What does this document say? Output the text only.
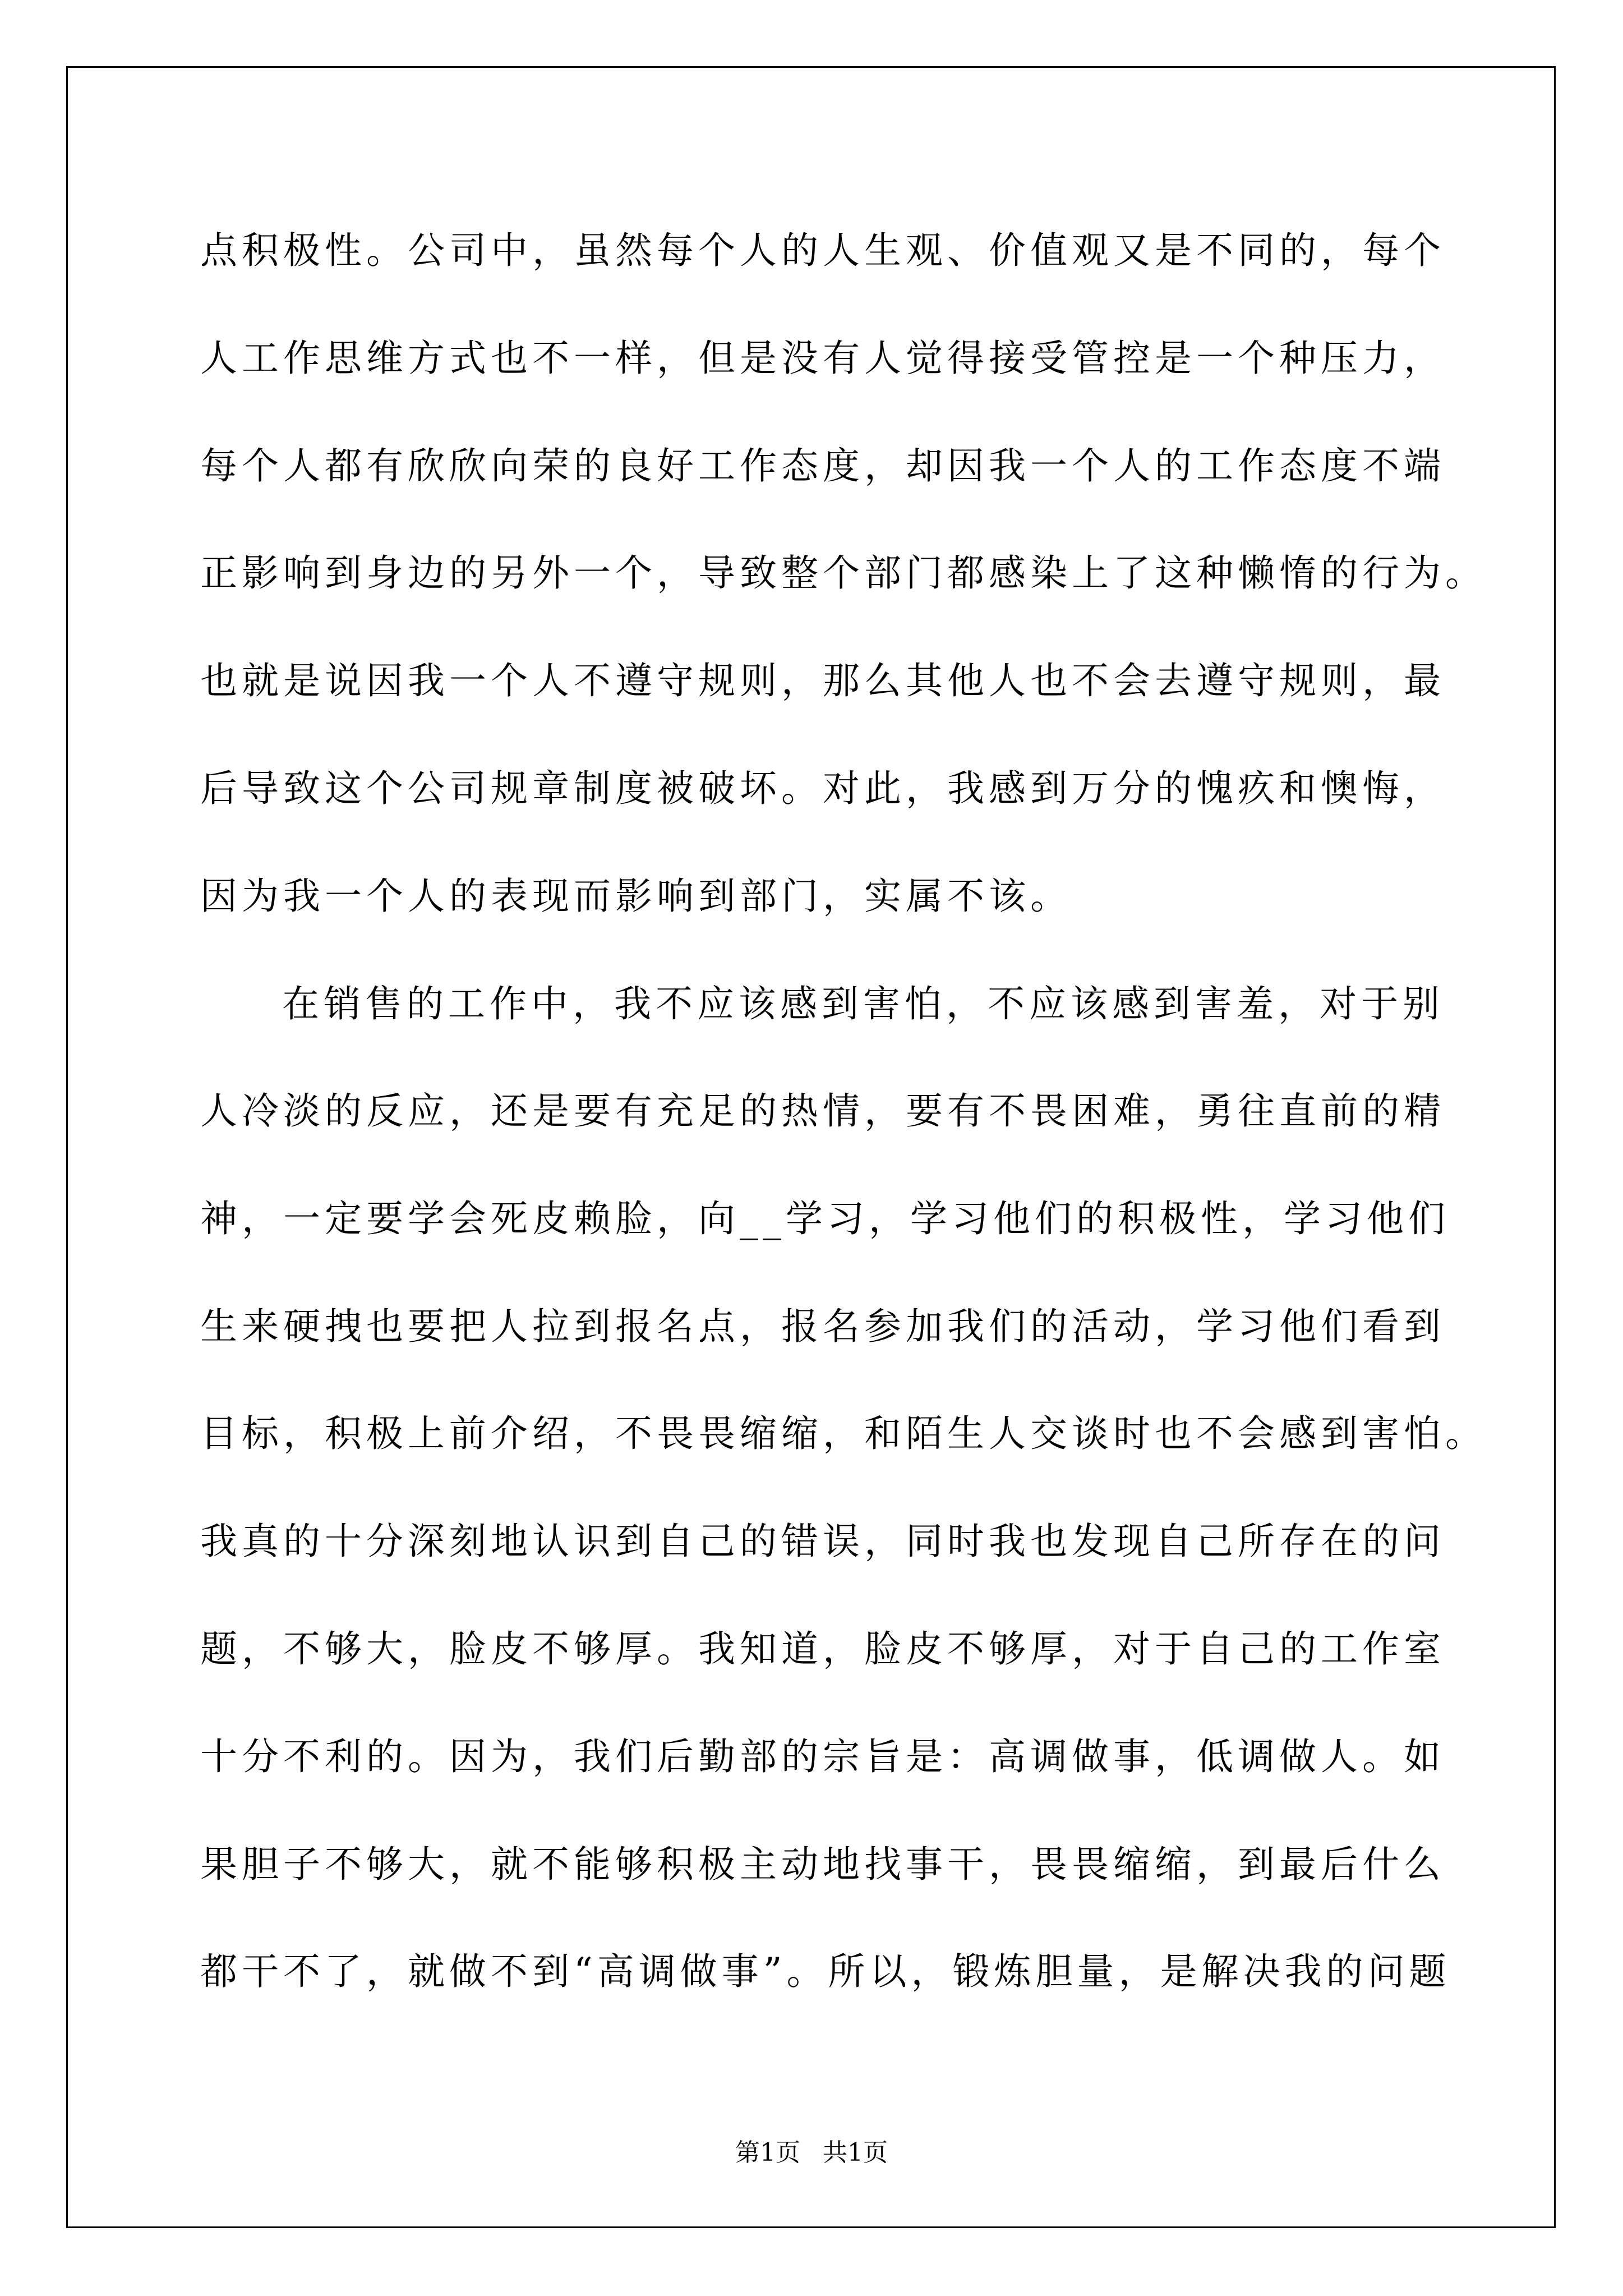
点积极性。公司中，虽然每个人的人生观、价值观又是不同的，每个
人工作思维方式也不一样，但是没有人觉得接受管控是一个种压力，
每个人都有欣欣向荣的良好工作态度，却因我一个人的工作态度不端
正影响到身边的另外一个，导致整个部门都感染上了这种懒惰的行为。
也就是说因我一个人不遵守规则，那么其他人也不会去遵守规则，最
后导致这个公司规章制度被破坏。对此，我感到万分的愧疚和懊悔，
因为我一个人的表现而影响到部门，实属不该。
在销售的工作中，我不应该感到害怕，不应该感到害羞，对于别
人冷淡的反应，还是要有充足的热情，要有不畏困难，勇往直前的精
神，一定要学会死皮赖脸，向__学习，学习他们的积极性，学习他们
生来硬拽也要把人拉到报名点，报名参加我们的活动，学习他们看到
目标，积极上前介绍，不畏畏缩缩，和陌生人交谈时也不会感到害怕。
我真的十分深刻地认识到自己的错误，同时我也发现自己所存在的问
题，不够大，脸皮不够厚。我知道，脸皮不够厚，对于自己的工作室
十分不利的。因为，我们后勤部的宗旨是：高调做事，低调做人。如
果胆子不够大，就不能够积极主动地找事干，畏畏缩缩，到最后什么
都干不了，就做不到“高调做事”。所以，锻炼胆量，是解决我的问题
第1页 共1页
